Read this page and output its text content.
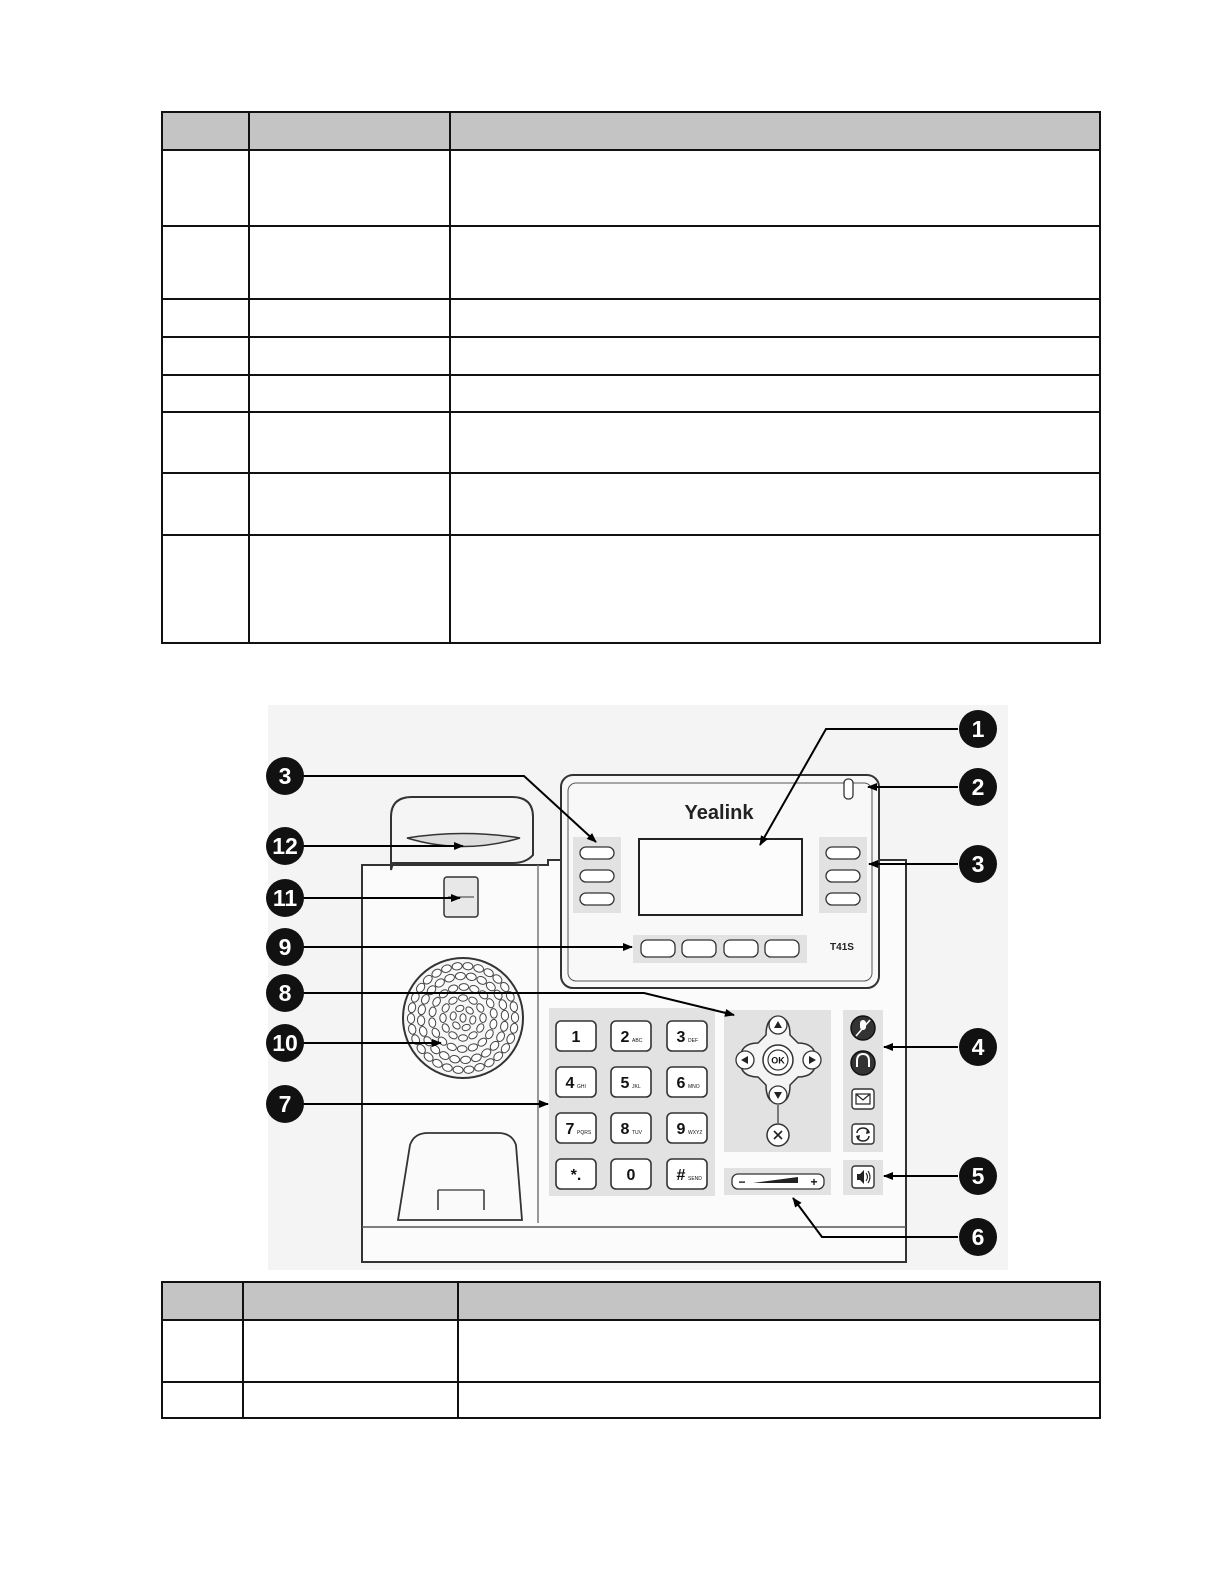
Yealink
T41S
1	2 ABC 3 DEF
4 GHI 5 JKL 6 MNO
7 PQRS 8 TUV 9 WXYZ
*.	0	# SEND
OK
−	+
1
2
3
3
4
5
6
7
8
9
10
11
12
